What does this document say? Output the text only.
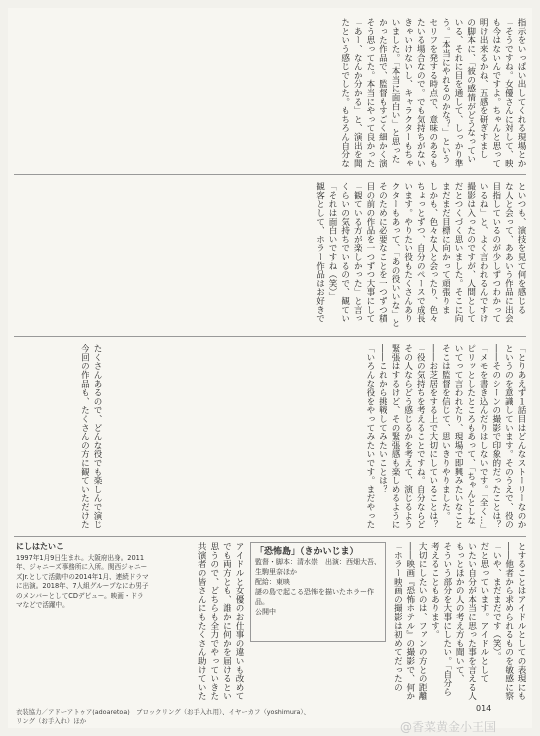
指示をいっぱい出してくれる現場とか
「そうですね。女優さんに対して、映
も今はないんですよ。ちゃんと思って
明け出来るかね、五感を研ぎすまし
の脚本に、「彼の感情がどうなってい
いる、それに目を通して、しっかり準
う。「本当にやれるのかな？」という
セリフを発する時点で、意味のあるも
たいる場合なので。でも気持ちがない
きゃいけないし、キャラクターもちゃ
いました。「本当に面白い」と思った
かった作品で、監督もすごく細かく演
そう思ってた。本当にやって良かった
「あー、なんか分かる」と、演出を聞
たという感じでした。もちろん自分な
といつも、演技を見て何を感じる
な人と会って、ああいう作品に出会
目指しているのが少しずつわかって
いるね」と、よく言われるんですけ
撮影は入ったのですが、人間として
だとつくづく思いました。そこに向
まだまだ目標に向かって頑張りま
しかも、色々な人と会ったり、色々
ちょっとずつ、自分のペースで成長
います。やりたい役もたくさんあり
クターもあって、「あの役いいな」と
そのために必要なことを一つずつ積
目の前の作品を一つずつ大事にして
「観ている方が楽しかった」と言っ
くらいの気持ちでいるので、観てい
「それは面白いですね（笑）」
観客として、ホラー作品はお好きで
「とりあえず１話目はどんなストーリーなのか
というのを意識しています。そのうえで、役の
――そのシーンの撮影で印象的だったことは？
「メモを書き込んだりはしないです。「全く…」
ピリッとしたところもあって、「ちゃんとしな
いてって言われたり、現場で即興みたいなこと
そこは監督を信じて、思いきりやりました。
――お芝居をする上で大切にしていることは？
「役の気持ちを考えることですね。自分ならど
その人ならどう感じるかを考えて、演じるよう
緊張はするけど、その緊張感も楽しめるように
――これから挑戦してみたいことは？
「いろんな役をやってみたいです。まだやった
たくさんあるので、どんな役でも楽しんで演じ
今回の作品も、たくさんの方に観ていただけた
「恐怖島」（きかいじま）
監督・脚本：清水崇　出演：西畑大吾、生駒里奈ほか
配給：東映
謎の島で起こる恐怖を描いたホラー作品。
公開中
とすることはアイドルとしての表現にも
――他者から求められるものを敏感に察
「いや、まだまだです（笑）。
だと思っています。アイドルとして
いたい自分が本当に思った事を言える人
もっとほかの人の考え方も聞いて、
そういう部分を大事にしたい。「自分ら
考えることもあります。
大切にしたいのは、ファンの方との距離
――映画『恐怖ホテル』の撮影で、何か
「ホラー映画の撮影は初めてだったの
アイドルと女優のお仕事の違いも改めて
でも両方とも、誰かに何かを届けるとい
思うので、どちらも全力でやっていきた
共演者の皆さんにもたくさん助けていた
にしはたいこ
1997年1月9日生まれ。大阪府出身。2011年、ジャニーズ事務所に入所。関西ジャニーズJr.として活動中の2014年1月、連続ドラマに出演。2018年、7人組グループなにわ男子のメンバーとしてCDデビュー。映画・ドラマなどで活躍中。
衣装協力／アドーアトゥア(adoaretoa)　ブロックリング（お手入れ用）、イヤーカフ（yoshimura）、リング（お手入れ）ほか
014
@香菜黄金小王国
